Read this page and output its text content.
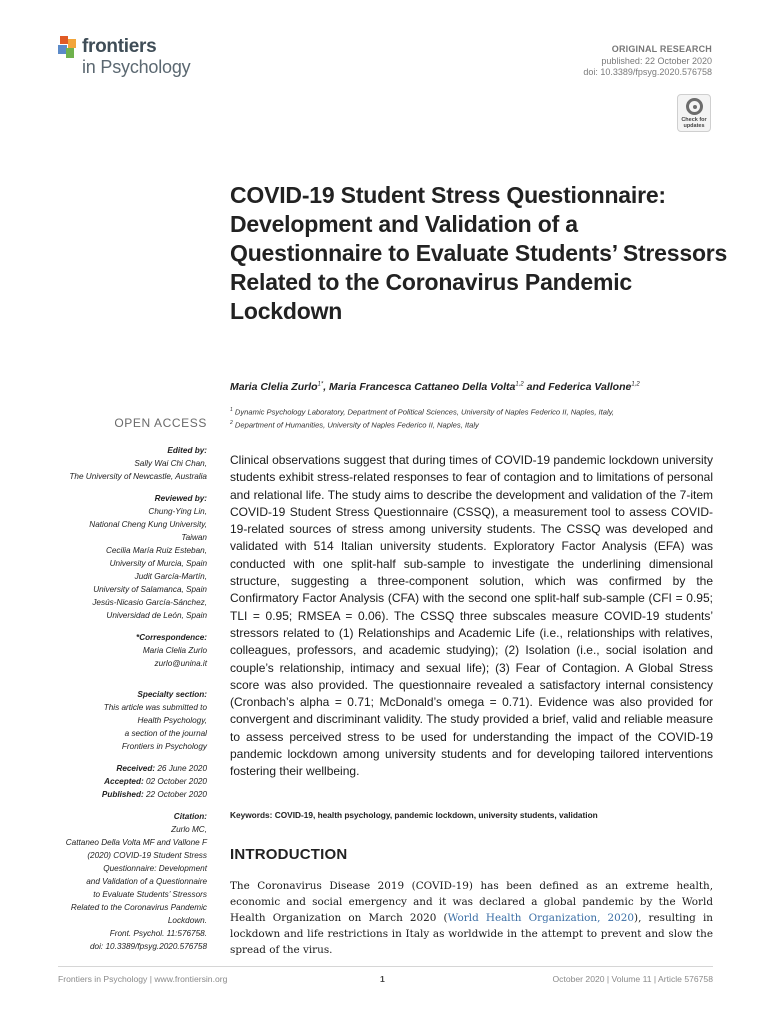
frontiers
in Psychology
ORIGINAL RESEARCH
published: 22 October 2020
doi: 10.3389/fpsyg.2020.576758
Check for updates
COVID-19 Student Stress Questionnaire: Development and Validation of a Questionnaire to Evaluate Students’ Stressors Related to the Coronavirus Pandemic Lockdown
Maria Clelia Zurlo$^{1*}$, Maria Francesca Cattaneo Della Volta$^{1,2}$ and Federica Vallone$^{1,2}$
$^1$ Dynamic Psychology Laboratory, Department of Political Sciences, University of Naples Federico II, Naples, Italy,
$^2$ Department of Humanities, University of Naples Federico II, Naples, Italy
OPEN ACCESS
Edited by:
Sally Wai Chi Chan,
The University of Newcastle, Australia
Reviewed by:
Chung-Ying Lin,
National Cheng Kung University,
Taiwan
Cecilia María Ruiz Esteban,
University of Murcia, Spain
Judit García-Martín,
University of Salamanca, Spain
Jesús-Nicasio García-Sánchez,
Universidad de León, Spain
*Correspondence:
Maria Clelia Zurlo
zurlo@unina.it
Specialty section:
This article was submitted to
Health Psychology,
a section of the journal
Frontiers in Psychology
Received: 26 June 2020
Accepted: 02 October 2020
Published: 22 October 2020
Citation:
Zurlo MC,
Cattaneo Della Volta MF and Vallone F
(2020) COVID-19 Student Stress
Questionnaire: Development
and Validation of a Questionnaire
to Evaluate Students’ Stressors
Related to the Coronavirus Pandemic
Lockdown.
Front. Psychol. 11:576758.
doi: 10.3389/fpsyg.2020.576758

Clinical observations suggest that during times of COVID-19 pandemic lockdown university students exhibit stress-related responses to fear of contagion and to limitations of personal and relational life. The study aims to describe the development and validation of the 7-item COVID-19 Student Stress Questionnaire (CSSQ), a measurement tool to assess COVID-19-related sources of stress among university students. The CSSQ was developed and validated with 514 Italian university students. Exploratory Factor Analysis (EFA) was conducted with one split-half sub-sample to investigate the underlining dimensional structure, suggesting a three-component solution, which was confirmed by the Confirmatory Factor Analysis (CFA) with the second one split-half sub-sample (CFI = 0.95; TLI = 0.95; RMSEA = 0.06). The CSSQ three subscales measure COVID-19 students’ stressors related to (1) Relationships and Academic Life (i.e., relationships with relatives, colleagues, professors, and academic studying); (2) Isolation (i.e., social isolation and couple’s relationship, intimacy and sexual life); (3) Fear of Contagion. A Global Stress score was also provided. The questionnaire revealed a satisfactory internal consistency (Cronbach’s alpha = 0.71; McDonald’s omega = 0.71). Evidence was also provided for convergent and discriminant validity. The study provided a brief, valid and reliable measure to assess perceived stress to be used for understanding the impact of the COVID-19 pandemic lockdown among university students and for developing tailored interventions fostering their wellbeing.

Keywords: COVID-19, health psychology, pandemic lockdown, university students, validation
INTRODUCTION

The Coronavirus Disease 2019 (COVID-19) has been defined as an extreme health, economic and social emergency and it was declared a global pandemic by the World Health Organization on March 2020 (World Health Organization, 2020), resulting in lockdown and life restrictions in Italy as worldwide in the attempt to prevent and slow the spread of the virus.

Frontiers in Psychology | www.frontiersin.org	1	October 2020 | Volume 11 | Article 576758
